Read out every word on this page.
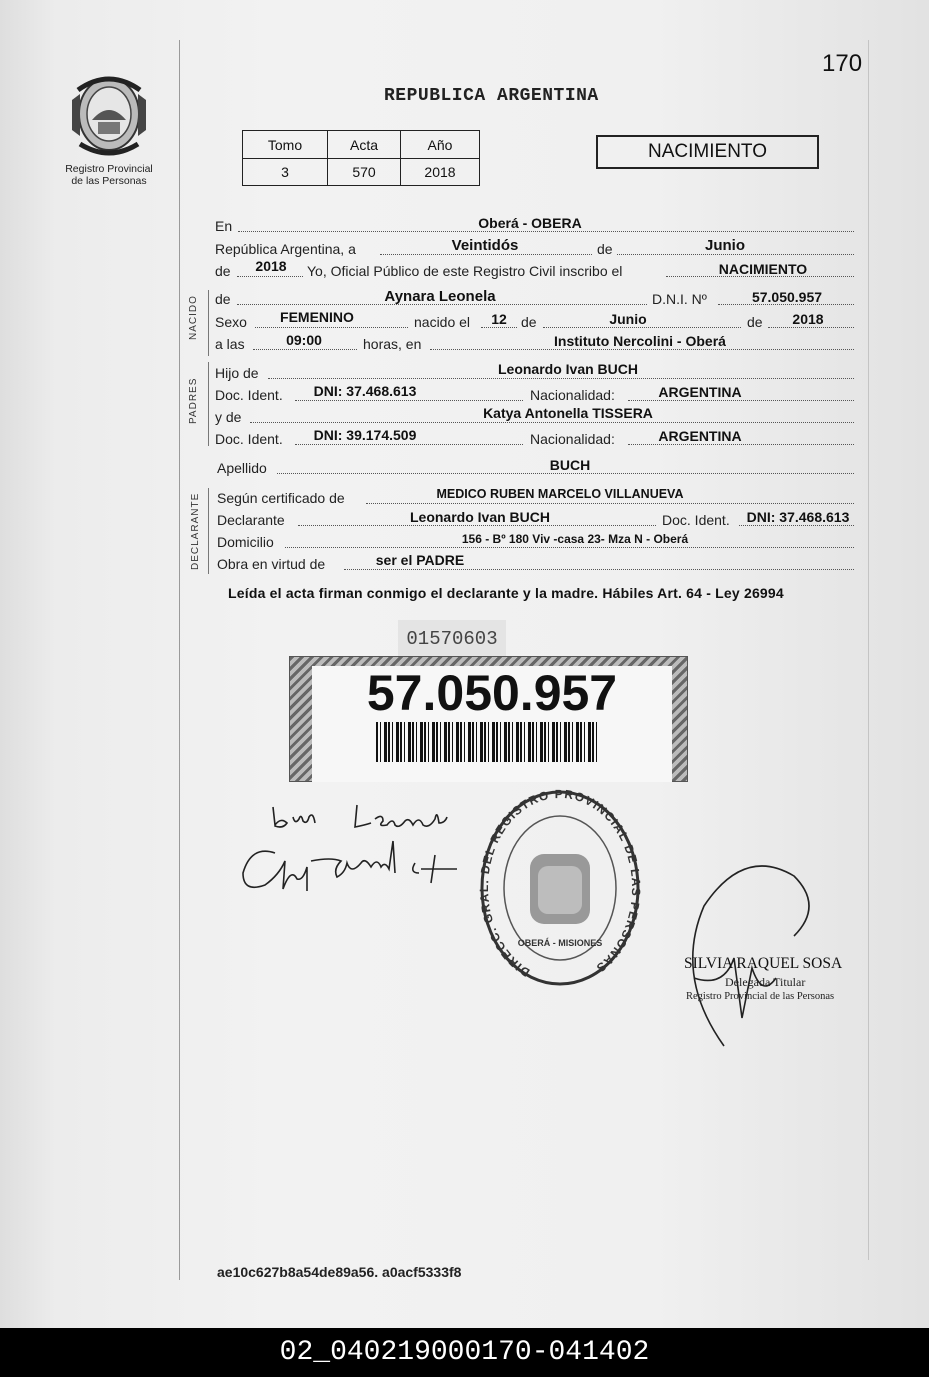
Registro Provincial
de las Personas
170
REPUBLICA ARGENTINA
Tomo	Acta	Año
3	570	2018
NACIMIENTO
En	Oberá - OBERA
República Argentina, a	Veintidós	de	Junio
de	2018	Yo, Oficial Público de este Registro Civil inscribo el	NACIMIENTO
NACIDO de	Aynara Leonela	D.N.I. Nº	57.050.957
Sexo	FEMENINO	nacido el	12	de	Junio	de	2018
a las	09:00	horas, en	Instituto Nercolini - Oberá
PADRES
Hijo de	Leonardo Ivan BUCH
Doc. Ident.	DNI: 37.468.613	Nacionalidad:	ARGENTINA
y de	Katya Antonella TISSERA
Doc. Ident.	DNI: 39.174.509	Nacionalidad:	ARGENTINA
Apellido	BUCH
DECLARANTE Según certificado de	MEDICO RUBEN MARCELO VILLANUEVA
Declarante	Leonardo Ivan BUCH	Doc. Ident.	DNI: 37.468.613
Domicilio	156 - Bº 180 Viv -casa 23- Mza N - Oberá
Obra en virtud de	ser el PADRE
Leída el acta firman conmigo el declarante y la madre. Hábiles Art. 64 - Ley 26994
01570603
57.050.957
DIRECC. GRAL. DEL REGISTRO PROVINCIAL DE LAS PERSONAS
OBERÁ - MISIONES
SILVIA RAQUEL SOSA
Delegada Titular
Registro Provincial de las Personas
ae10c627b8a54de89a56. a0acf5333f8
02_040219000170-041402
